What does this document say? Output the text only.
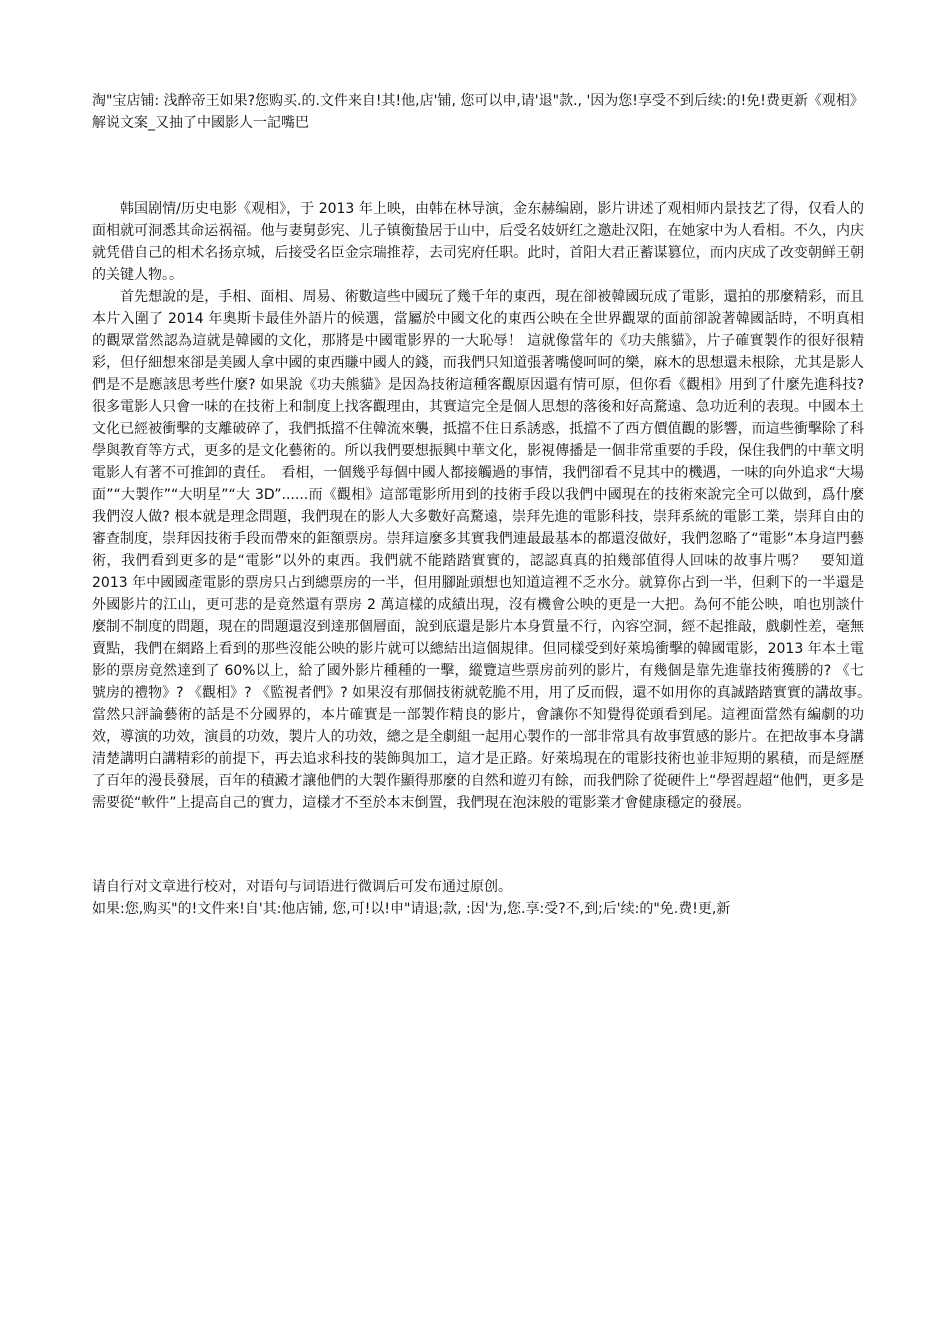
淘"宝店铺: 浅醉帝王如果?您购买.的.文件来自!其!他,店'铺, 您可以申,请'退"款., '因为您!享受不到后续:的!免!费更新《观相》解说文案_又抽了中國影人一記嘴巴

韩国剧情/历史电影《观相》，于 2013 年上映，由韩在林导演，金东赫编剧，影片讲述了观相师内景技艺了得，仅看人的面相就可洞悉其命运祸福。他与妻舅彭宪、儿子镇衡蛰居于山中，后受名妓妍红之邀赴汉阳，在她家中为人看相。不久，内庆就凭借自己的相术名扬京城，后接受名臣金宗瑞推荐，去司宪府任职。此时，首阳大君正蓄谋篡位，而内庆成了改变朝鲜王朝的关键人物。。

首先想說的是，手相、面相、周易、術數這些中國玩了幾千年的東西，現在卻被韓國玩成了電影，還拍的那麼精彩，而且本片入圍了 2014 年奧斯卡最佳外語片的候選，當屬於中國文化的東西公映在全世界觀眾的面前卻說著韓國話時，不明真相的觀眾當然認為這就是韓國的文化，那將是中國電影界的一大恥辱！ 這就像當年的《功夫熊貓》，片子確實製作的很好很精彩，但仔細想來卻是美國人拿中國的東西賺中國人的錢，而我們只知道張著嘴傻呵呵的樂，麻木的思想還未根除，尤其是影人們是不是應該思考些什麼? 如果說《功夫熊貓》是因為技術這種客觀原因還有情可原，但你看《觀相》用到了什麼先進科技? 很多電影人只會一味的在技術上和制度上找客觀理由，其實這完全是個人思想的落後和好高騖遠、急功近利的表現。中國本土文化已經被衝擊的支離破碎了，我們抵擋不住韓流來襲，抵擋不住日系誘惑，抵擋不了西方價值觀的影響，而這些衝擊除了科學與教育等方式，更多的是文化藝術的。所以我們要想振興中華文化，影視傳播是一個非常重要的手段，保住我們的中華文明電影人有著不可推卸的責任。　看相，一個幾乎每個中國人都接觸過的事情，我們卻看不見其中的機遇，一味的向外追求“大場面”“大製作”“大明星”“大 3D”......而《觀相》這部電影所用到的技術手段以我們中國現在的技術來說完全可以做到，爲什麼我們沒人做? 根本就是理念問題，我們現在的影人大多數好高騖遠，崇拜先進的電影科技，崇拜系統的電影工業，崇拜自由的審查制度，崇拜因技術手段而帶來的鉅額票房。崇拜這麼多其實我們連最最基本的都還沒做好，我們忽略了“電影”本身這門藝術，我們看到更多的是“電影”以外的東西。我們就不能踏踏實實的，認認真真的拍幾部值得人回味的故事片嗎？　要知道 2013 年中國國產電影的票房只占到總票房的一半，但用腳趾頭想也知道這裡不乏水分。就算你占到一半，但剩下的一半還是外國影片的江山，更可悲的是竟然還有票房 2 萬這樣的成績出現，沒有機會公映的更是一大把。為何不能公映，咱也別談什麼制不制度的問題，現在的問題還沒到達那個層面，說到底還是影片本身質量不行，內容空洞，經不起推敲，戲劇性差，毫無賣點，我們在網路上看到的那些沒能公映的影片就可以總結出這個規律。但同樣受到好萊塢衝擊的韓國電影，2013 年本土電影的票房竟然達到了 60%以上，給了國外影片種種的一擊，縱覽這些票房前列的影片，有幾個是靠先進靠技術獲勝的? 《七號房的禮物》? 《觀相》? 《監視者們》? 如果沒有那個技術就乾脆不用，用了反而假，還不如用你的真誠踏踏實實的講故事。　當然只評論藝術的話是不分國界的，本片確實是一部製作精良的影片，會讓你不知覺得從頭看到尾。這裡面當然有編劇的功效，導演的功效，演員的功效，製片人的功效，總之是全劇組一起用心製作的一部非常具有故事質感的影片。在把故事本身講清楚講明白講精彩的前提下，再去追求科技的裝飾與加工，這才是正路。好萊塢現在的電影技術也並非短期的累積，而是經歷了百年的漫長發展，百年的積澱才讓他們的大製作顯得那麼的自然和遊刃有餘，而我們除了從硬件上“學習趕超“他們，更多是需要從“軟件”上提高自己的實力，這樣才不至於本末倒置，我們現在泡沫般的電影業才會健康穩定的發展。

请自行对文章进行校对，对语句与词语进行微调后可发布通过原创。

如果:您,购买"的!文件来!自'其:他店铺, 您,可!以!申"请退;款, :因'为,您.享:受?不,到;后'续:的"免.费!更,新
